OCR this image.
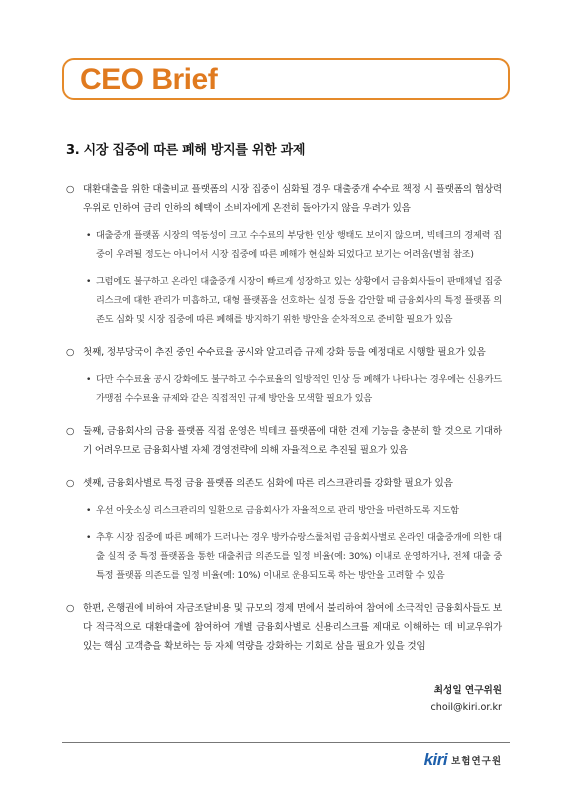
CEO Brief
3. 시장 집중에 따른 폐해 방지를 위한 과제
○ 대환대출을 위한 대출비교 플랫폼의 시장 집중이 심화될 경우 대출중개 수수료 책정 시 플랫폼의 협상력 우위로 인하여 금리 인하의 혜택이 소비자에게 온전히 돌아가지 않을 우려가 있음
• 대출중개 플랫폼 시장의 역동성이 크고 수수료의 부당한 인상 행태도 보이지 않으며, 빅테크의 경제력 집중이 우려될 정도는 아니어서 시장 집중에 따른 폐해가 현실화 되었다고 보기는 어려움(별첨 참조)
• 그럼에도 불구하고 온라인 대출중개 시장이 빠르게 성장하고 있는 상황에서 금융회사들이 판매채널 집중리스크에 대한 관리가 미흡하고, 대형 플랫폼을 선호하는 실정 등을 감안할 때 금융회사의 특정 플랫폼 의존도 심화 및 시장 집중에 따른 폐해를 방지하기 위한 방안을 순차적으로 준비할 필요가 있음
○ 첫째, 정부당국이 추진 중인 수수료율 공시와 알고리즘 규제 강화 등을 예정대로 시행할 필요가 있음
• 다만 수수료율 공시 강화에도 불구하고 수수료율의 일방적인 인상 등 폐해가 나타나는 경우에는 신용카드 가맹점 수수료율 규제와 같은 직접적인 규제 방안을 모색할 필요가 있음
○ 둘째, 금융회사의 금융 플랫폼 직접 운영은 빅테크 플랫폼에 대한 견제 기능을 충분히 할 것으로 기대하기 어려우므로 금융회사별 자체 경영전략에 의해 자율적으로 추진될 필요가 있음
○ 셋째, 금융회사별로 특정 금융 플랫폼 의존도 심화에 따른 리스크관리를 강화할 필요가 있음
• 우선 아웃소싱 리스크관리의 일환으로 금융회사가 자율적으로 관리 방안을 마련하도록 지도함
• 추후 시장 집중에 따른 폐해가 드러나는 경우 방카슈랑스룰처럼 금융회사별로 온라인 대출중개에 의한 대출 실적 중 특정 플랫폼을 통한 대출취급 의존도를 일정 비율(예: 30%) 이내로 운영하거나, 전체 대출 중 특정 플랫폼 의존도를 일정 비율(예: 10%) 이내로 운용되도록 하는 방안을 고려할 수 있음
○ 한편, 은행권에 비하여 자금조달비용 및 규모의 경제 면에서 불리하여 참여에 소극적인 금융회사들도 보다 적극적으로 대환대출에 참여하여 개별 금융회사별로 신용리스크를 제대로 이해하는 데 비교우위가 있는 핵심 고객층을 확보하는 등 자체 역량을 강화하는 기회로 삼을 필요가 있을 것임
최성일 연구위원
choil@kiri.or.kr
kiri 보험연구원
